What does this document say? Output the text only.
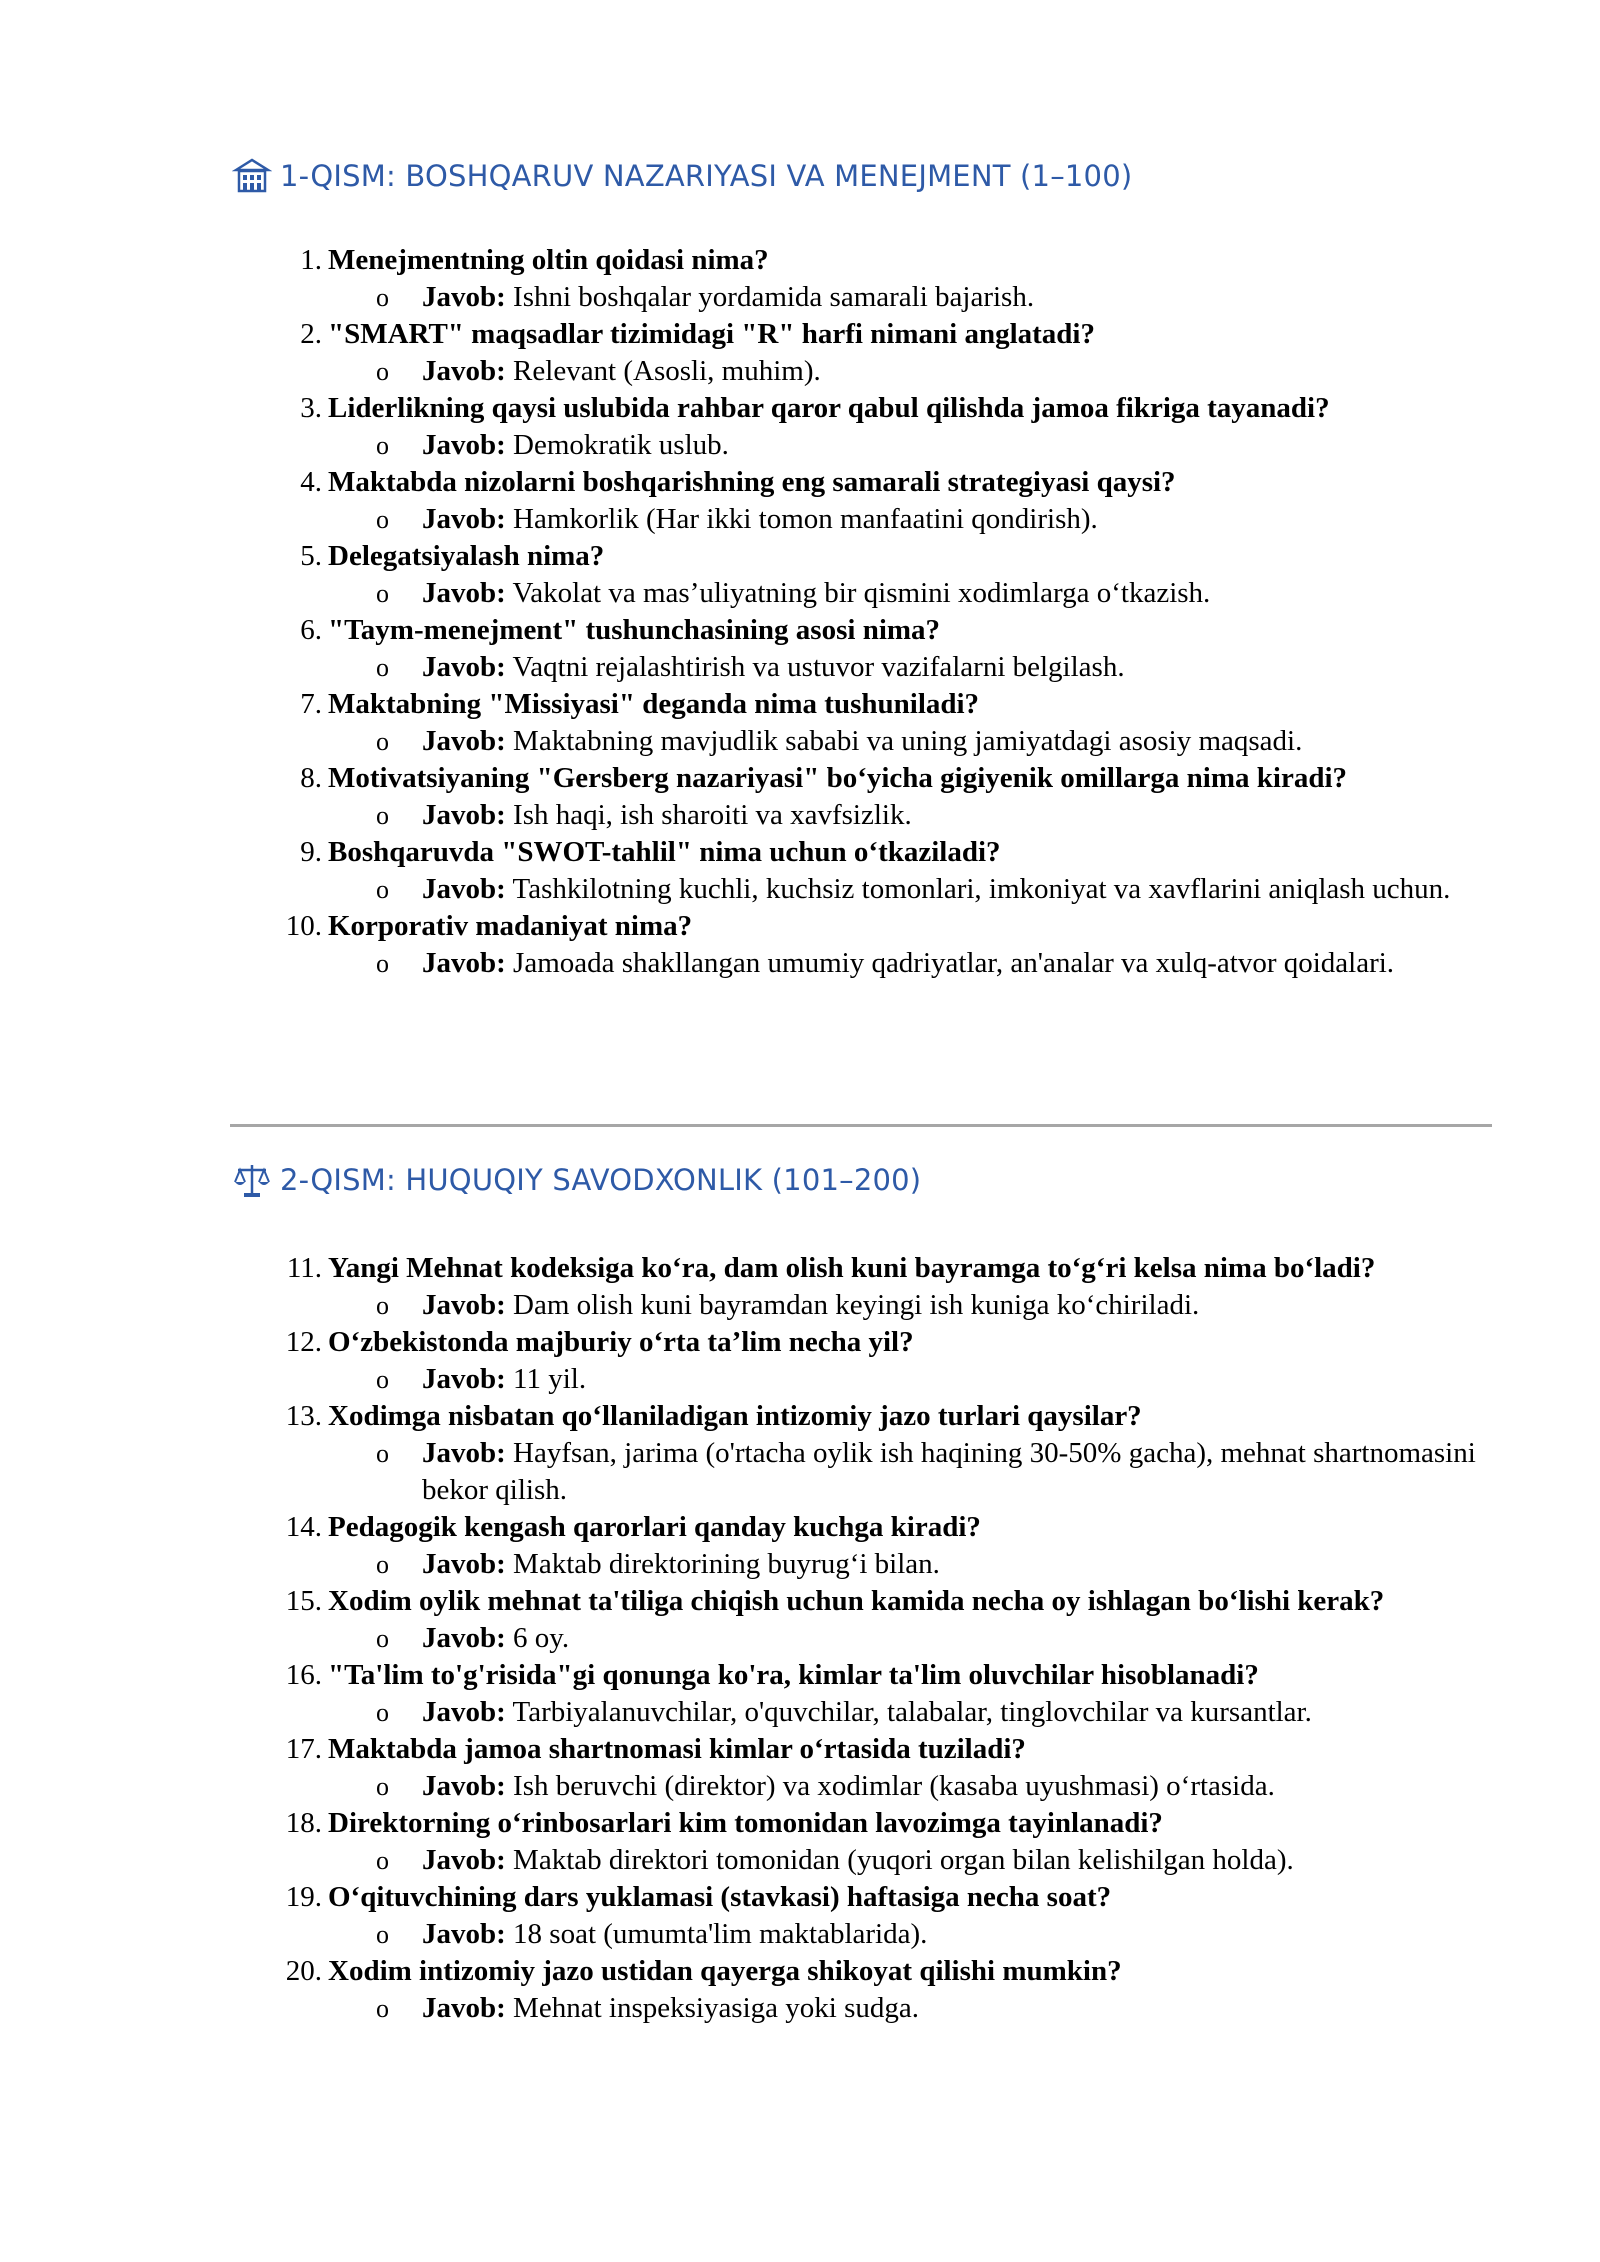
1-QISM: BOSHQARUV NAZARIYASI VA MENEJMENT (1–100)
1. Menejmentning oltin qoidasi nima?
o Javob: Ishni boshqalar yordamida samarali bajarish.
2. "SMART" maqsadlar tizimidagi "R" harfi nimani anglatadi?
o Javob: Relevant (Asosli, muhim).
3. Liderlikning qaysi uslubida rahbar qaror qabul qilishda jamoa fikriga tayanadi?
o Javob: Demokratik uslub.
4. Maktabda nizolarni boshqarishning eng samarali strategiyasi qaysi?
o Javob: Hamkorlik (Har ikki tomon manfaatini qondirish).
5. Delegatsiyalash nima?
o Javob: Vakolat va mas’uliyatning bir qismini xodimlarga o‘tkazish.
6. "Taym-menejment" tushunchasining asosi nima?
o Javob: Vaqtni rejalashtirish va ustuvor vazifalarni belgilash.
7. Maktabning "Missiyasi" deganda nima tushuniladi?
o Javob: Maktabning mavjudlik sababi va uning jamiyatdagi asosiy maqsadi.
8. Motivatsiyaning "Gersberg nazariyasi" bo‘yicha gigiyenik omillarga nima kiradi?
o Javob: Ish haqi, ish sharoiti va xavfsizlik.
9. Boshqaruvda "SWOT-tahlil" nima uchun o‘tkaziladi?
o Javob: Tashkilotning kuchli, kuchsiz tomonlari, imkoniyat va xavflarini aniqlash uchun.
10. Korporativ madaniyat nima?
o Javob: Jamoada shakllangan umumiy qadriyatlar, an'analar va xulq-atvor qoidalari.
2-QISM: HUQUQIY SAVODXONLIK (101–200)
11. Yangi Mehnat kodeksiga ko‘ra, dam olish kuni bayramga to‘g‘ri kelsa nima bo‘ladi?
o Javob: Dam olish kuni bayramdan keyingi ish kuniga ko‘chiriladi.
12. O‘zbekistonda majburiy o‘rta ta’lim necha yil?
o Javob: 11 yil.
13. Xodimga nisbatan qo‘llaniladigan intizomiy jazo turlari qaysilar?
o Javob: Hayfsan, jarima (o'rtacha oylik ish haqining 30-50% gacha), mehnat shartnomasini bekor qilish.
14. Pedagogik kengash qarorlari qanday kuchga kiradi?
o Javob: Maktab direktorining buyrug‘i bilan.
15. Xodim oylik mehnat ta'tiliga chiqish uchun kamida necha oy ishlagan bo‘lishi kerak?
o Javob: 6 oy.
16. "Ta'lim to'g'risida"gi qonunga ko'ra, kimlar ta'lim oluvchilar hisoblanadi?
o Javob: Tarbiyalanuvchilar, o'quvchilar, talabalar, tinglovchilar va kursantlar.
17. Maktabda jamoa shartnomasi kimlar o‘rtasida tuziladi?
o Javob: Ish beruvchi (direktor) va xodimlar (kasaba uyushmasi) o‘rtasida.
18. Direktorning o‘rinbosarlari kim tomonidan lavozimga tayinlanadi?
o Javob: Maktab direktori tomonidan (yuqori organ bilan kelishilgan holda).
19. O‘qituvchining dars yuklamasi (stavkasi) haftasiga necha soat?
o Javob: 18 soat (umumta'lim maktablarida).
20. Xodim intizomiy jazo ustidan qayerga shikoyat qilishi mumkin?
o Javob: Mehnat inspeksiyasiga yoki sudga.
